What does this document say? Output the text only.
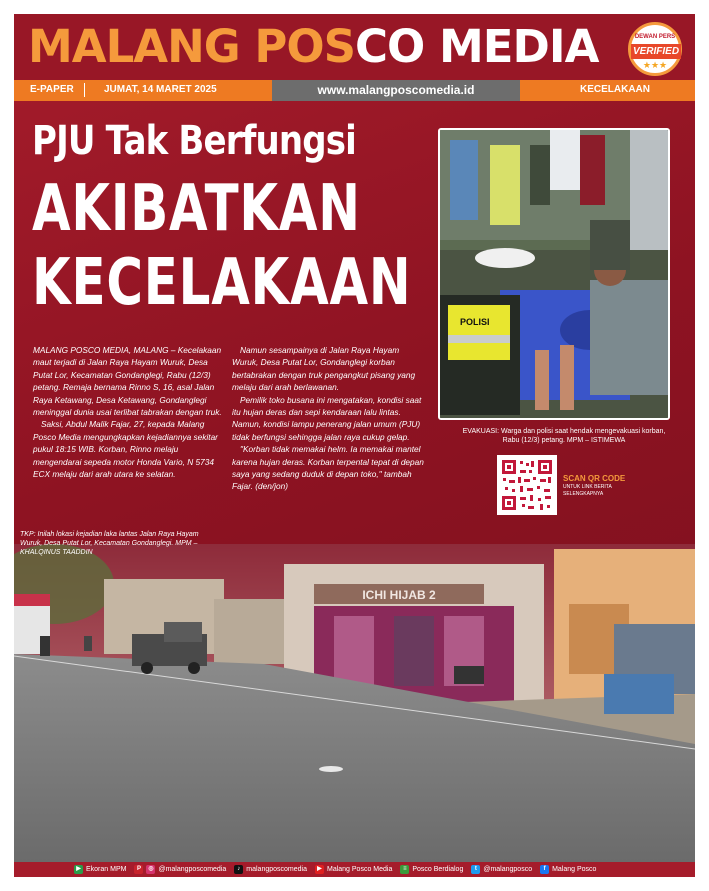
MALANG POSCO MEDIA	DEWAN PERS
VERIFIED
★★★
E-PAPER	JUMAT, 14 MARET 2025	www.malangposcomedia.id	KECELAKAAN
PJU Tak Berfungsi
AKIBATKAN
KECELAKAAN
POLISI
EVAKUASI: Warga dan polisi saat hendak mengevakuasi korban, Rabu (12/3) petang. MPM – ISTIMEWA

MALANG POSCO MEDIA, MALANG – Kecelakaan maut terjadi di Jalan Raya Hayam Wuruk, Desa Putat Lor, Kecamatan Gondanglegi, Rabu (12/3) petang. Remaja bernama Rinno S, 16, asal Jalan Raya Ketawang, Desa Ketawang, Gondanglegi meninggal dunia usai terlibat tabrakan dengan truk.

Saksi, Abdul Malik Fajar, 27, kepada Malang Posco Media mengungkapkan kejadiannya sekitar pukul 18:15 WIB. Korban, Rinno melaju mengendarai sepeda motor Honda Vario, N 5734 ECX melaju dari arah utara ke selatan.

Namun sesampainya di Jalan Raya Hayam Wuruk, Desa Putat Lor, Gondanglegi korban bertabrakan dengan truk pengangkut pisang yang melaju dari arah berlawanan.

Pemilik toko busana ini mengatakan, kondisi saat itu hujan deras dan sepi kendaraan lalu lintas. Namun, kondisi lampu penerang jalan umum (PJU) tidak berfungsi sehingga jalan raya cukup gelap.

"Korban tidak memakai helm. Ia memakai mantel karena hujan deras. Korban terpental tepat di depan saya yang sedang duduk di depan toko," tambah Fajar. (den/jon)

SCAN QR CODE
UNTUK LINK BERITA
SELENGKAPNYA
TKP: Inilah lokasi kejadian laka lantas Jalan Raya Hayam Wuruk, Desa Putat Lor, Kecamatan Gondanglegi. MPM – KHALQINUS TAADDIN
ICHI HIJAB 2
▶ Ekoran MPM	P	◎ @malangposcomedia	♪ malangposcomedia	▶ Malang Posco Media	≡ Posco Berdialog	t @malangposco	f Malang Posco
